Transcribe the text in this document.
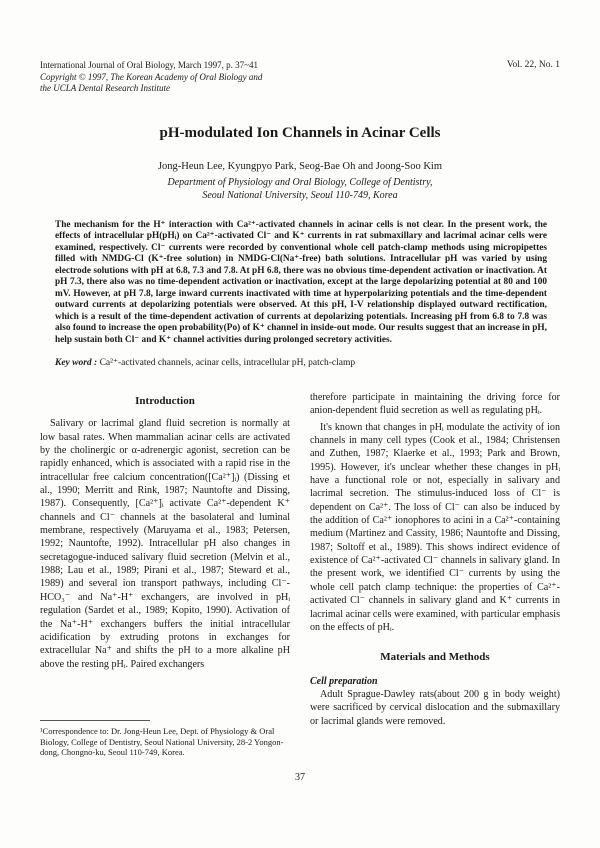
International Journal of Oral Biology, March 1997, p. 37~41
Copyright © 1997, The Korean Academy of Oral Biology and
the UCLA Dental Research Institute
Vol. 22, No. 1
pH-modulated Ion Channels in Acinar Cells
Jong-Heun Lee, Kyungpyo Park, Seog-Bae Oh and Joong-Soo Kim
Department of Physiology and Oral Biology, College of Dentistry,
Seoul National University, Seoul 110-749, Korea
The mechanism for the H⁺ interaction with Ca²⁺-activated channels in acinar cells is not clear. In the present work, the effects of intracellular pH(pHᵢ) on Ca²⁺-activated Cl⁻ and K⁺ currents in rat submaxillary and lacrimal acinar cells were examined, respectively. Cl⁻ currents were recorded by conventional whole cell patch-clamp methods using micropipettes filled with NMDG-Cl (K⁺-free solution) in NMDG-Cl(Na⁺-free) bath solutions. Intracellular pH was varied by using electrode solutions with pH at 6.8, 7.3 and 7.8. At pH 6.8, there was no obvious time-dependent activation or inactivation. At pH 7.3, there also was no time-dependent activation or inactivation, except at the large depolarizing potential at 80 and 100 mV. However, at pH 7.8, large inward currents inactivated with time at hyperpolarizing potentials and the time-dependent outward currents at depolarizing potentials were observed. At this pH, I-V relationship displayed outward rectification, which is a result of the time-dependent activation of currents at depolarizing potentials. Increasing pH from 6.8 to 7.8 was also found to increase the open probability(Po) of K⁺ channel in inside-out mode. Our results suggest that an increase in pH, help sustain both Cl⁻ and K⁺ channel activities during prolonged secretory activities.
Key word : Ca²⁺-activated channels, acinar cells, intracellular pH, patch-clamp
Introduction

Salivary or lacrimal gland fluid secretion is normally at low basal rates. When mammalian acinar cells are activated by the cholinergic or α-adrenergic agonist, secretion can be rapidly enhanced, which is associated with a rapid rise in the intracellular free calcium concentration([Ca²⁺]ᵢ) (Dissing et al., 1990; Merritt and Rink, 1987; Nauntofte and Dissing, 1987). Consequently, [Ca²⁺]ᵢ activate Ca²⁺-dependent K⁺ channels and Cl⁻ channels at the basolateral and luminal membrane, respectively (Maruyama et al., 1983; Petersen, 1992; Nauntofte, 1992). Intracellular pH also changes in secretagogue-induced salivary fluid secretion (Melvin et al., 1988; Lau et al., 1989; Pirani et al., 1987; Steward et al., 1989) and several ion transport pathways, including Cl⁻-HCO₃⁻ and Na⁺-H⁺ exchangers, are involved in pHᵢ regulation (Sardet et al., 1989; Kopito, 1990). Activation of the Na⁺-H⁺ exchangers buffers the initial intracellular acidification by extruding protons in exchanges for extracellular Na⁺ and shifts the pH to a more alkaline pH above the resting pHᵢ. Paired exchangers

¹Correspondence to: Dr. Jong-Heun Lee, Dept. of Physiology & Oral Biology, College of Dentistry, Seoul National University, 28-2 Yongon-dong, Chongno-ku, Seoul 110-749, Korea.

therefore participate in maintaining the driving force for anion-dependent fluid secretion as well as regulating pHᵢ.

It's known that changes in pHᵢ modulate the activity of ion channels in many cell types (Cook et al., 1984; Christensen and Zuthen, 1987; Klaerke et al., 1993; Park and Brown, 1995). However, it's unclear whether these changes in pHᵢ have a functional role or not, especially in salivary and lacrimal secretion. The stimulus-induced loss of Cl⁻ is dependent on Ca²⁺. The loss of Cl⁻ can also be induced by the addition of Ca²⁺ ionophores to acini in a Ca²⁺-containing medium (Martinez and Cassity, 1986; Nauntofte and Dissing, 1987; Soltoff et al., 1989). This shows indirect evidence of existence of Ca²⁺-activated Cl⁻ channels in salivary gland. In the present work, we identified Cl⁻ currents by using the whole cell patch clamp technique: the properties of Ca²⁺-activated Cl⁻ channels in salivary gland and K⁺ currents in lacrimal acinar cells were examined, with particular emphasis on the effects of pHᵢ.

Materials and Methods
Cell preparation

Adult Sprague-Dawley rats(about 200 g in body weight) were sacrificed by cervical dislocation and the submaxillary or lacrimal glands were removed.

37
